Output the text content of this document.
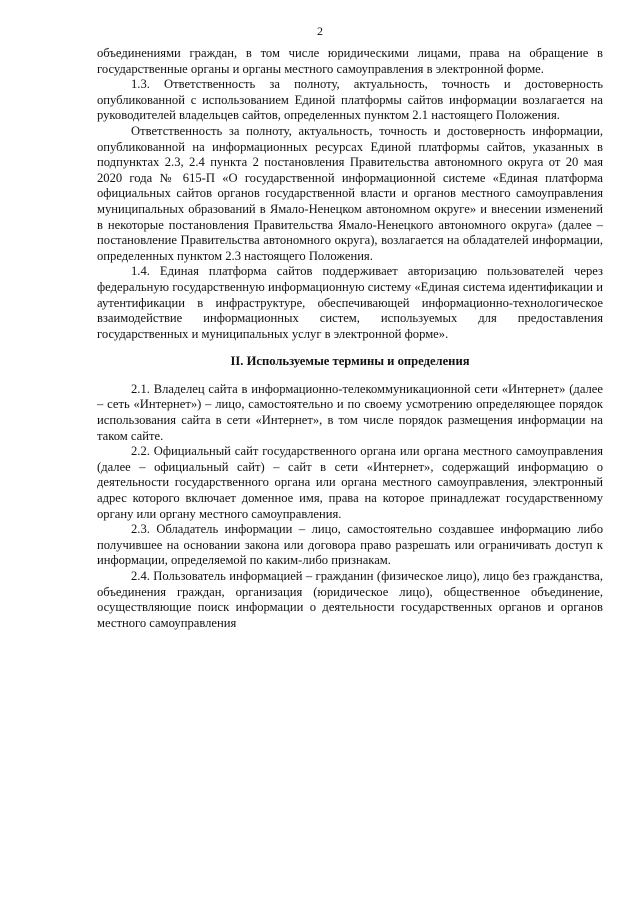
2

объединениями граждан, в том числе юридическими лицами, права на обращение в государственные органы и органы местного самоуправления в электронной форме.

1.3. Ответственность за полноту, актуальность, точность и достоверность опубликованной с использованием Единой платформы сайтов информации возлагается на руководителей владельцев сайтов, определенных пунктом 2.1 настоящего Положения.

Ответственность за полноту, актуальность, точность и достоверность информации, опубликованной на информационных ресурсах Единой платформы сайтов, указанных в подпунктах 2.3, 2.4 пункта 2 постановления Правительства автономного округа от 20 мая 2020 года № 615-П «О государственной информационной системе «Единая платформа официальных сайтов органов государственной власти и органов местного самоуправления муниципальных образований в Ямало-Ненецком автономном округе» и внесении изменений в некоторые постановления Правительства Ямало-Ненецкого автономного округа» (далее – постановление Правительства автономного округа), возлагается на обладателей информации, определенных пунктом 2.3 настоящего Положения.

1.4. Единая платформа сайтов поддерживает авторизацию пользователей через федеральную государственную информационную систему «Единая система идентификации и аутентификации в инфраструктуре, обеспечивающей информационно-технологическое взаимодействие информационных систем, используемых для предоставления государственных и муниципальных услуг в электронной форме».

II. Используемые термины и определения

2.1. Владелец сайта в информационно-телекоммуникационной сети «Интернет» (далее – сеть «Интернет») – лицо, самостоятельно и по своему усмотрению определяющее порядок использования сайта в сети «Интернет», в том числе порядок размещения информации на таком сайте.

2.2. Официальный сайт государственного органа или органа местного самоуправления (далее – официальный сайт) – сайт в сети «Интернет», содержащий информацию о деятельности государственного органа или органа местного самоуправления, электронный адрес которого включает доменное имя, права на которое принадлежат государственному органу или органу местного самоуправления.

2.3. Обладатель информации – лицо, самостоятельно создавшее информацию либо получившее на основании закона или договора право разрешать или ограничивать доступ к информации, определяемой по каким-либо признакам.

2.4. Пользователь информацией – гражданин (физическое лицо), лицо без гражданства, объединения граждан, организация (юридическое лицо), общественное объединение, осуществляющие поиск информации о деятельности государственных органов и органов местного самоуправления
